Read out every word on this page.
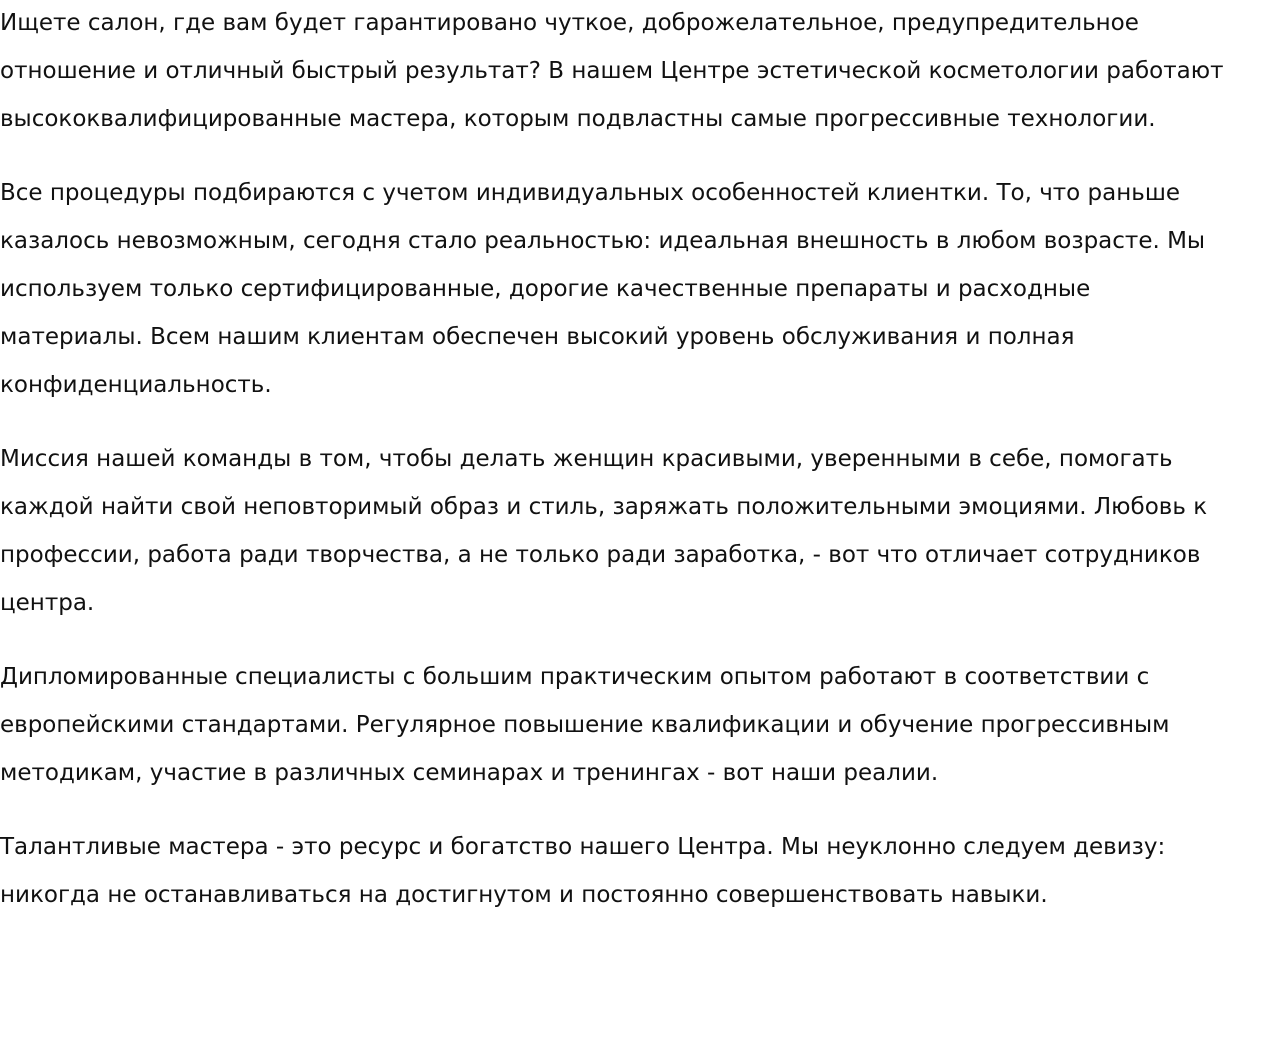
Ищете салон, где вам будет гарантировано чуткое, доброжелательное, предупредительное отношение и отличный быстрый результат? В нашем Центре эстетической косметологии работают высококвалифицированные мастера, которым подвластны самые прогрессивные технологии.

Все процедуры подбираются с учетом индивидуальных особенностей клиентки. То, что раньше казалось невозможным, сегодня стало реальностью: идеальная внешность в любом возрасте. Мы используем только сертифицированные, дорогие качественные препараты и расходные материалы. Всем нашим клиентам обеспечен высокий уровень обслуживания и полная конфиденциальность.

Миссия нашей команды в том, чтобы делать женщин красивыми, уверенными в себе, помогать каждой найти свой неповторимый образ и стиль, заряжать положительными эмоциями. Любовь к профессии, работа ради творчества, а не только ради заработка, - вот что отличает сотрудников центра.

Дипломированные специалисты с большим практическим опытом работают в соответствии с европейскими стандартами. Регулярное повышение квалификации и обучение прогрессивным методикам, участие в различных семинарах и тренингах - вот наши реалии.

Талантливые мастера - это ресурс и богатство нашего Центра. Мы неуклонно следуем девизу: никогда не останавливаться на достигнутом и постоянно совершенствовать навыки.
